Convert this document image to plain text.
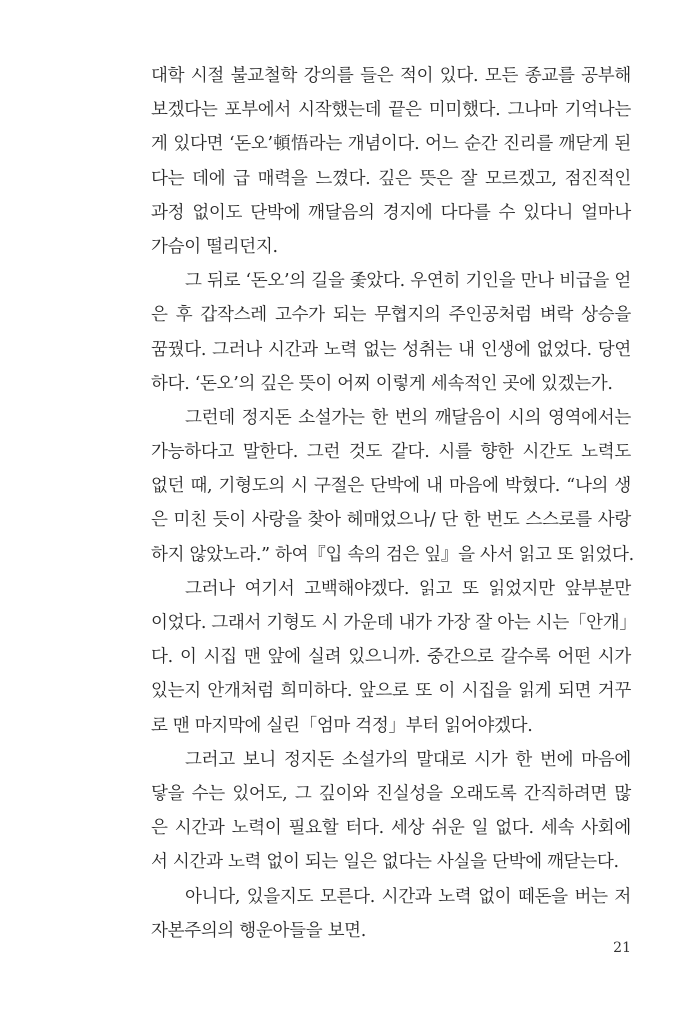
대학 시절 불교철학 강의를 들은 적이 있다. 모든 종교를 공부해
보겠다는 포부에서 시작했는데 끝은 미미했다. 그나마 기억나는
게 있다면 ‘돈오’頓悟라는 개념이다. 어느 순간 진리를 깨닫게 된
다는 데에 급 매력을 느꼈다. 깊은 뜻은 잘 모르겠고, 점진적인
과정 없이도 단박에 깨달음의 경지에 다다를 수 있다니 얼마나
가슴이 떨리던지.
그 뒤로 ‘돈오’의 길을 좇았다. 우연히 기인을 만나 비급을 얻
은 후 갑작스레 고수가 되는 무협지의 주인공처럼 벼락 상승을
꿈꿨다. 그러나 시간과 노력 없는 성취는 내 인생에 없었다. 당연
하다. ‘돈오’의 깊은 뜻이 어찌 이렇게 세속적인 곳에 있겠는가.
그런데 정지돈 소설가는 한 번의 깨달음이 시의 영역에서는
가능하다고 말한다. 그런 것도 같다. 시를 향한 시간도 노력도
없던 때, 기형도의 시 구절은 단박에 내 마음에 박혔다. “나의 생
은 미친 듯이 사랑을 찾아 헤매었으나/ 단 한 번도 스스로를 사랑
하지 않았노라.” 하여『입 속의 검은 잎』을 사서 읽고 또 읽었다.
그러나 여기서 고백해야겠다. 읽고 또 읽었지만 앞부분만
이었다. 그래서 기형도 시 가운데 내가 가장 잘 아는 시는「안개」
다. 이 시집 맨 앞에 실려 있으니까. 중간으로 갈수록 어떤 시가
있는지 안개처럼 희미하다. 앞으로 또 이 시집을 읽게 되면 거꾸
로 맨 마지막에 실린「엄마 걱정」부터 읽어야겠다.
그러고 보니 정지돈 소설가의 말대로 시가 한 번에 마음에
닿을 수는 있어도, 그 깊이와 진실성을 오래도록 간직하려면 많
은 시간과 노력이 필요할 터다. 세상 쉬운 일 없다. 세속 사회에
서 시간과 노력 없이 되는 일은 없다는 사실을 단박에 깨닫는다.
아니다, 있을지도 모른다. 시간과 노력 없이 떼돈을 버는 저
자본주의의 행운아들을 보면.
21
